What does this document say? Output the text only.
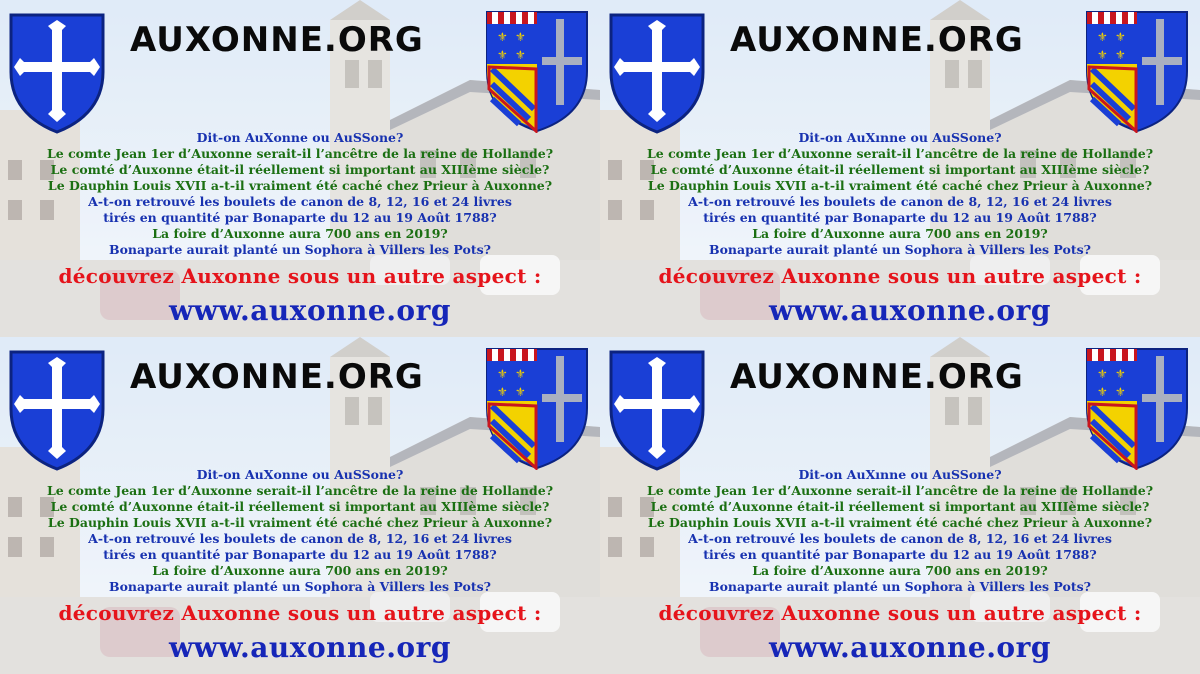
AUXONNE.ORG	⚜ ⚜
⚜ ⚜
Dit-on AuXonne ou AuSSone?
Le comte Jean 1er d’Auxonne serait-il l’ancêtre de la reine de Hollande?
Le comté d’Auxonne était-il réellement si important au XIIIème siècle?
Le Dauphin Louis XVII a-t-il vraiment été caché chez Prieur à Auxonne?
A-t-on retrouvé les boulets de canon de 8, 12, 16 et 24 livres
tirés en quantité par Bonaparte du 12 au 19 Août 1788?
La foire d’Auxonne aura 700 ans en 2019?
Bonaparte aurait planté un Sophora à Villers les Pots?
découvrez Auxonne sous un autre aspect :
www.auxonne.org
AUXONNE.ORG	⚜ ⚜
⚜ ⚜
Dit-on AuXınne ou AuSSone?
Le comte Jean 1er d’Auxonne serait-il l’ancêtre de la reine de Hollande?
Le comté d’Auxonne était-il réellement si important au XIIIème siècle?
Le Dauphin Louis XVII a-t-il vraiment été caché chez Prieur à Auxonne?
A-t-on retrouvé les boulets de canon de 8, 12, 16 et 24 livres
tirés en quantité par Bonaparte du 12 au 19 Août 1788?
La foire d’Auxonne aura 700 ans en 2019?
Bonaparte aurait planté un Sophora à Villers les Pots?
découvrez Auxonne sous un autre aspect :
www.auxonne.org
AUXONNE.ORG	⚜ ⚜
⚜ ⚜
Dit-on AuXonne ou AuSSone?
Le comte Jean 1er d’Auxonne serait-il l’ancêtre de la reine de Hollande?
Le comté d’Auxonne était-il réellement si important au XIIIème siècle?
Le Dauphin Louis XVII a-t-il vraiment été caché chez Prieur à Auxonne?
A-t-on retrouvé les boulets de canon de 8, 12, 16 et 24 livres
tirés en quantité par Bonaparte du 12 au 19 Août 1788?
La foire d’Auxonne aura 700 ans en 2019?
Bonaparte aurait planté un Sophora à Villers les Pots?
découvrez Auxonne sous un autre aspect :
www.auxonne.org
AUXONNE.ORG	⚜ ⚜
⚜ ⚜
Dit-on AuXınne ou AuSSone?
Le comte Jean 1er d’Auxonne serait-il l’ancêtre de la reine de Hollande?
Le comté d’Auxonne était-il réellement si important au XIIIème siècle?
Le Dauphin Louis XVII a-t-il vraiment été caché chez Prieur à Auxonne?
A-t-on retrouvé les boulets de canon de 8, 12, 16 et 24 livres
tirés en quantité par Bonaparte du 12 au 19 Août 1788?
La foire d’Auxonne aura 700 ans en 2019?
Bonaparte aurait planté un Sophora à Villers les Pots?
découvrez Auxonne sous un autre aspect :
www.auxonne.org
